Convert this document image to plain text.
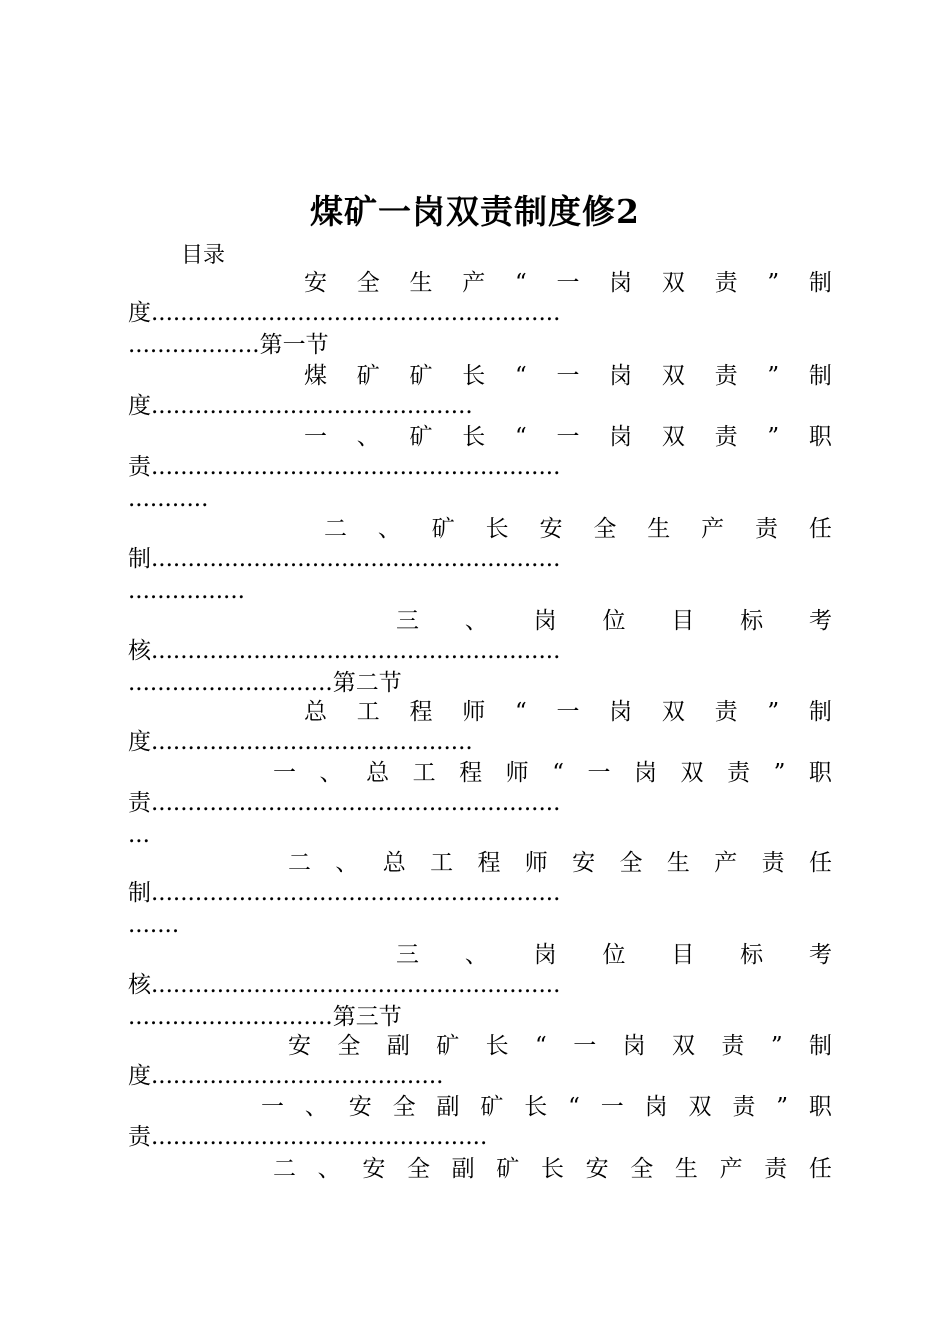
煤矿一岗双责制度修2
目录
安 全 生 产 “ 一 岗 双 责 ” 制
度........................................................
..................第一节
煤 矿 矿 长 “ 一 岗 双 责 ” 制
度............................................
一 、 矿 长 “ 一 岗 双 责 ” 职
责........................................................
...........
二 、 矿 长 安 全 生 产 责 任
制........................................................
................
三 、 岗 位 目 标 考
核........................................................
............................第二节
总 工 程 师 “ 一 岗 双 责 ” 制
度............................................
一 、 总 工 程 师 “ 一 岗 双 责 ” 职
责........................................................
...
二 、 总 工 程 师 安 全 生 产 责 任
制........................................................
.......
三 、 岗 位 目 标 考
核........................................................
............................第三节
安 全 副 矿 长 “ 一 岗 双 责 ” 制
度........................................
一 、 安 全 副 矿 长 “ 一 岗 双 责 ” 职
责..............................................
二 、 安 全 副 矿 长 安 全 生 产 责 任
